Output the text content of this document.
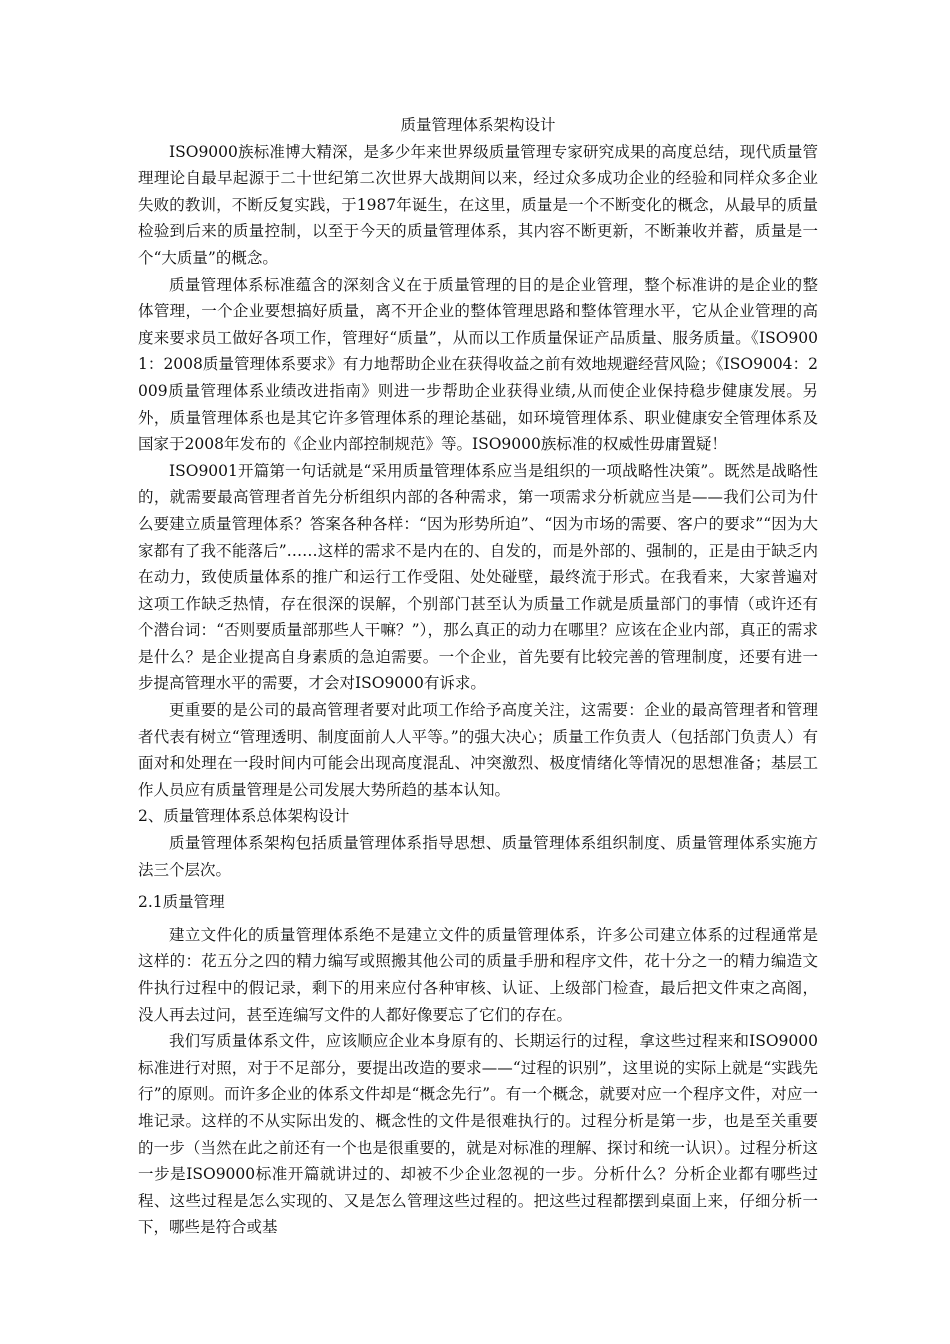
质量管理体系架构设计

ISO9000族标准博大精深，是多少年来世界级质量管理专家研究成果的高度总结，现代质量管理理论自最早起源于二十世纪第二次世界大战期间以来，经过众多成功企业的经验和同样众多企业失败的教训，不断反复实践，于1987年诞生，在这里，质量是一个不断变化的概念，从最早的质量检验到后来的质量控制，以至于今天的质量管理体系，其内容不断更新，不断兼收并蓄，质量是一个“大质量”的概念。

质量管理体系标准蕴含的深刻含义在于质量管理的目的是企业管理，整个标准讲的是企业的整体管理，一个企业要想搞好质量，离不开企业的整体管理思路和整体管理水平，它从企业管理的高度来要求员工做好各项工作，管理好“质量”，从而以工作质量保证产品质量、服务质量。《ISO9001：2008质量管理体系要求》有力地帮助企业在获得收益之前有效地规避经营风险；《ISO9004：2009质量管理体系业绩改进指南》则进一步帮助企业获得业绩,从而使企业保持稳步健康发展。另外，质量管理体系也是其它许多管理体系的理论基础，如环境管理体系、职业健康安全管理体系及国家于2008年发布的《企业内部控制规范》等。ISO9000族标准的权威性毋庸置疑！

ISO9001开篇第一句话就是“采用质量管理体系应当是组织的一项战略性决策”。既然是战略性的，就需要最高管理者首先分析组织内部的各种需求，第一项需求分析就应当是——我们公司为什么要建立质量管理体系？答案各种各样：“因为形势所迫”、“因为市场的需要、客户的要求”“因为大家都有了我不能落后”……这样的需求不是内在的、自发的，而是外部的、强制的，正是由于缺乏内在动力，致使质量体系的推广和运行工作受阻、处处碰壁，最终流于形式。在我看来，大家普遍对这项工作缺乏热情，存在很深的误解，个别部门甚至认为质量工作就是质量部门的事情（或许还有个潜台词：“否则要质量部那些人干嘛？”），那么真正的动力在哪里？应该在企业内部，真正的需求是什么？是企业提高自身素质的急迫需要。一个企业，首先要有比较完善的管理制度，还要有进一步提高管理水平的需要，才会对ISO9000有诉求。

更重要的是公司的最高管理者要对此项工作给予高度关注，这需要：企业的最高管理者和管理者代表有树立“管理透明、制度面前人人平等。”的强大决心；质量工作负责人（包括部门负责人）有面对和处理在一段时间内可能会出现高度混乱、冲突激烈、极度情绪化等情况的思想准备；基层工作人员应有质量管理是公司发展大势所趋的基本认知。

2、质量管理体系总体架构设计

质量管理体系架构包括质量管理体系指导思想、质量管理体系组织制度、质量管理体系实施方法三个层次。

2.1质量管理

建立文件化的质量管理体系绝不是建立文件的质量管理体系，许多公司建立体系的过程通常是这样的：花五分之四的精力编写或照搬其他公司的质量手册和程序文件，花十分之一的精力编造文件执行过程中的假记录，剩下的用来应付各种审核、认证、上级部门检查，最后把文件束之高阁，没人再去过问，甚至连编写文件的人都好像要忘了它们的存在。

我们写质量体系文件，应该顺应企业本身原有的、长期运行的过程，拿这些过程来和ISO9000标准进行对照，对于不足部分，要提出改造的要求——“过程的识别”，这里说的实际上就是“实践先行”的原则。而许多企业的体系文件却是“概念先行”。有一个概念，就要对应一个程序文件，对应一堆记录。这样的不从实际出发的、概念性的文件是很难执行的。过程分析是第一步，也是至关重要的一步（当然在此之前还有一个也是很重要的，就是对标准的理解、探讨和统一认识）。过程分析这一步是ISO9000标准开篇就讲过的、却被不少企业忽视的一步。分析什么？分析企业都有哪些过程、这些过程是怎么实现的、又是怎么管理这些过程的。把这些过程都摆到桌面上来，仔细分析一下，哪些是符合或基
